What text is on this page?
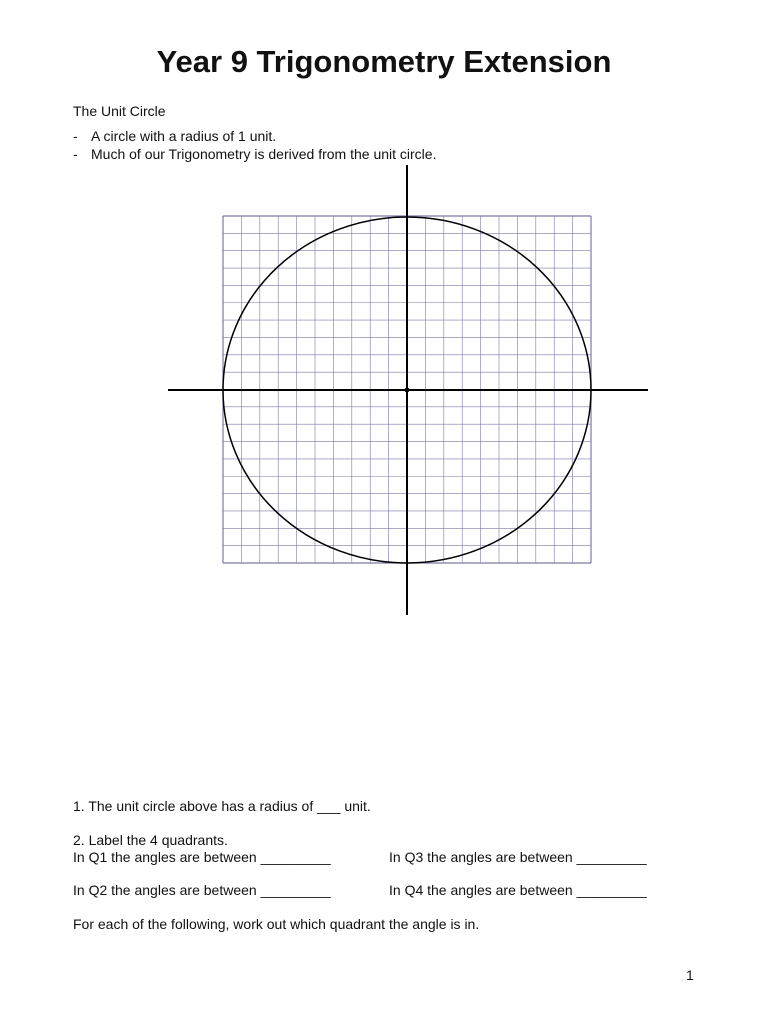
Year 9 Trigonometry Extension
The Unit Circle
- A circle with a radius of 1 unit.
- Much of our Trigonometry is derived from the unit circle.
1. The unit circle above has a radius of ___ unit.
2. Label the 4 quadrants.
In Q1 the angles are between _________	In Q3 the angles are between _________
In Q2 the angles are between _________	In Q4 the angles are between _________
For each of the following, work out which quadrant the angle is in.
1
